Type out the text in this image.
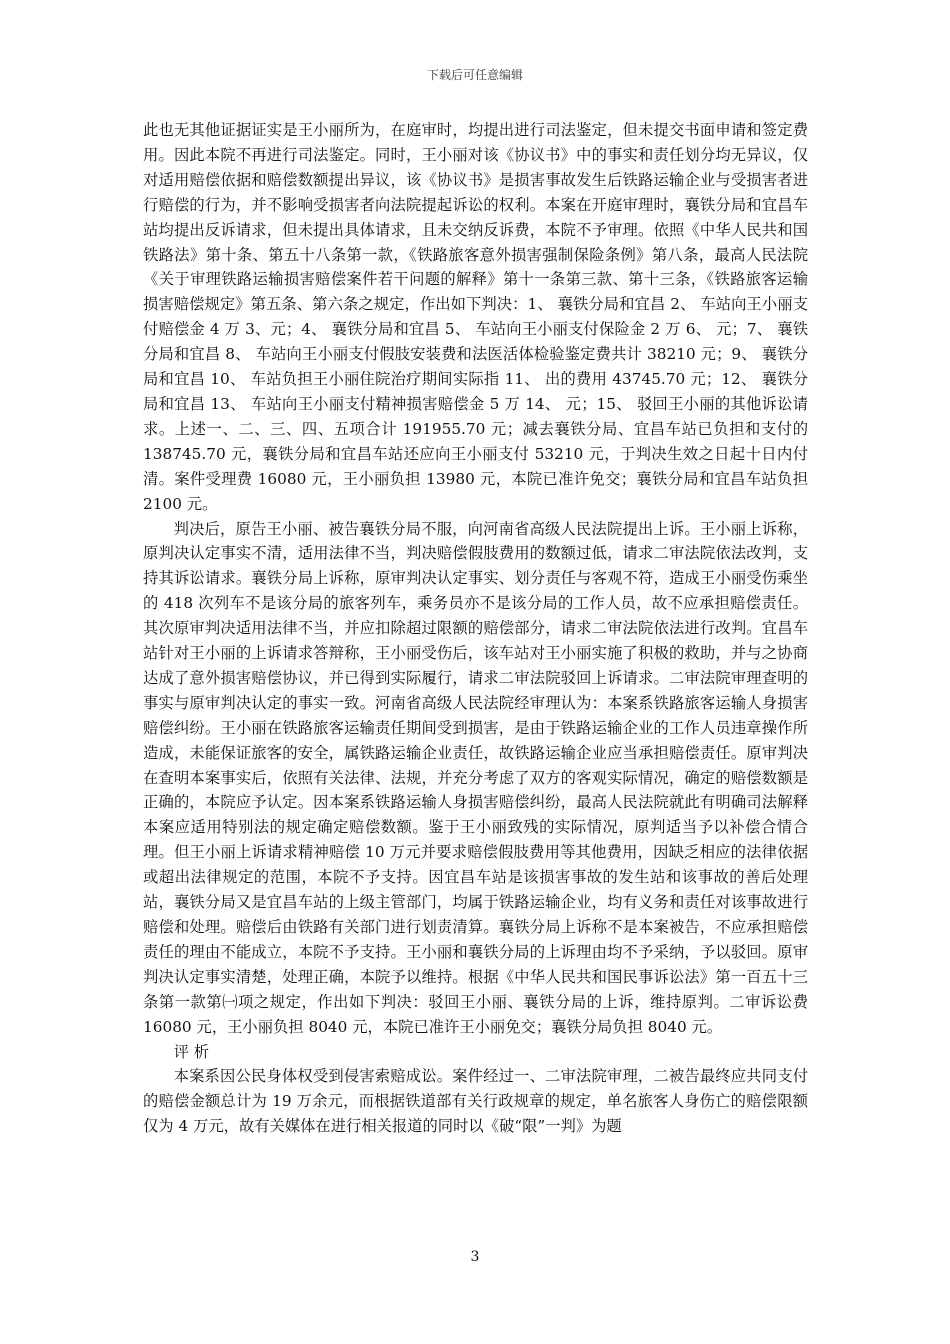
下载后可任意编辑

此也无其他证据证实是王小丽所为，在庭审时，均提出进行司法鉴定，但未提交书面申请和签定费用。因此本院不再进行司法鉴定。同时，王小丽对该《协议书》中的事实和责任划分均无异议，仅对适用赔偿依据和赔偿数额提出异议，该《协议书》是损害事故发生后铁路运输企业与受损害者进行赔偿的行为，并不影响受损害者向法院提起诉讼的权利。本案在开庭审理时，襄铁分局和宜昌车站均提出反诉请求，但未提出具体请求，且未交纳反诉费，本院不予审理。依照《中华人民共和国铁路法》第十条、第五十八条第一款，《铁路旅客意外损害强制保险条例》第八条，最高人民法院《关于审理铁路运输损害赔偿案件若干问题的解释》第十一条第三款、第十三条，《铁路旅客运输损害赔偿规定》第五条、第六条之规定，作出如下判决：1、 襄铁分局和宜昌 2、 车站向王小丽支付赔偿金 4 万 3、元；4、 襄铁分局和宜昌 5、 车站向王小丽支付保险金 2 万 6、 元；7、 襄铁分局和宜昌 8、 车站向王小丽支付假肢安装费和法医活体检验鉴定费共计 38210 元；9、 襄铁分局和宜昌 10、 车站负担王小丽住院治疗期间实际指 11、 出的费用 43745.70 元；12、 襄铁分局和宜昌 13、 车站向王小丽支付精神损害赔偿金 5 万 14、 元；15、 驳回王小丽的其他诉讼请求。上述一、二、三、四、五项合计 191955.70 元；减去襄铁分局、宜昌车站已负担和支付的 138745.70 元，襄铁分局和宜昌车站还应向王小丽支付 53210 元，于判决生效之日起十日内付清。案件受理费 16080 元，王小丽负担 13980 元，本院已准许免交；襄铁分局和宜昌车站负担 2100 元。

判决后，原告王小丽、被告襄铁分局不服，向河南省高级人民法院提出上诉。王小丽上诉称，原判决认定事实不清，适用法律不当，判决赔偿假肢费用的数额过低，请求二审法院依法改判，支持其诉讼请求。襄铁分局上诉称，原审判决认定事实、划分责任与客观不符，造成王小丽受伤乘坐的 418 次列车不是该分局的旅客列车，乘务员亦不是该分局的工作人员，故不应承担赔偿责任。其次原审判决适用法律不当，并应扣除超过限额的赔偿部分，请求二审法院依法进行改判。宜昌车站针对王小丽的上诉请求答辩称，王小丽受伤后，该车站对王小丽实施了积极的救助，并与之协商达成了意外损害赔偿协议，并已得到实际履行，请求二审法院驳回上诉请求。二审法院审理查明的事实与原审判决认定的事实一致。河南省高级人民法院经审理认为：本案系铁路旅客运输人身损害赔偿纠纷。王小丽在铁路旅客运输责任期间受到损害，是由于铁路运输企业的工作人员违章操作所造成，未能保证旅客的安全，属铁路运输企业责任，故铁路运输企业应当承担赔偿责任。原审判决在查明本案事实后，依照有关法律、法规，并充分考虑了双方的客观实际情况，确定的赔偿数额是正确的，本院应予认定。因本案系铁路运输人身损害赔偿纠纷，最高人民法院就此有明确司法解释本案应适用特别法的规定确定赔偿数额。鉴于王小丽致残的实际情况，原判适当予以补偿合情合理。但王小丽上诉请求精神赔偿 10 万元并要求赔偿假肢费用等其他费用，因缺乏相应的法律依据或超出法律规定的范围，本院不予支持。因宜昌车站是该损害事故的发生站和该事故的善后处理站，襄铁分局又是宜昌车站的上级主管部门，均属于铁路运输企业，均有义务和责任对该事故进行赔偿和处理。赔偿后由铁路有关部门进行划责清算。襄铁分局上诉称不是本案被告，不应承担赔偿责任的理由不能成立，本院不予支持。王小丽和襄铁分局的上诉理由均不予采纳，予以驳回。原审判决认定事实清楚，处理正确，本院予以维持。根据《中华人民共和国民事诉讼法》第一百五十三条第一款第㈠项之规定，作出如下判决：驳回王小丽、襄铁分局的上诉，维持原判。二审诉讼费 16080 元，王小丽负担 8040 元，本院已准许王小丽免交；襄铁分局负担 8040 元。

评 析

本案系因公民身体权受到侵害索赔成讼。案件经过一、二审法院审理，二被告最终应共同支付的赔偿金额总计为 19 万余元，而根据铁道部有关行政规章的规定，单名旅客人身伤亡的赔偿限额仅为 4 万元，故有关媒体在进行相关报道的同时以《破“限”一判》为题

3
